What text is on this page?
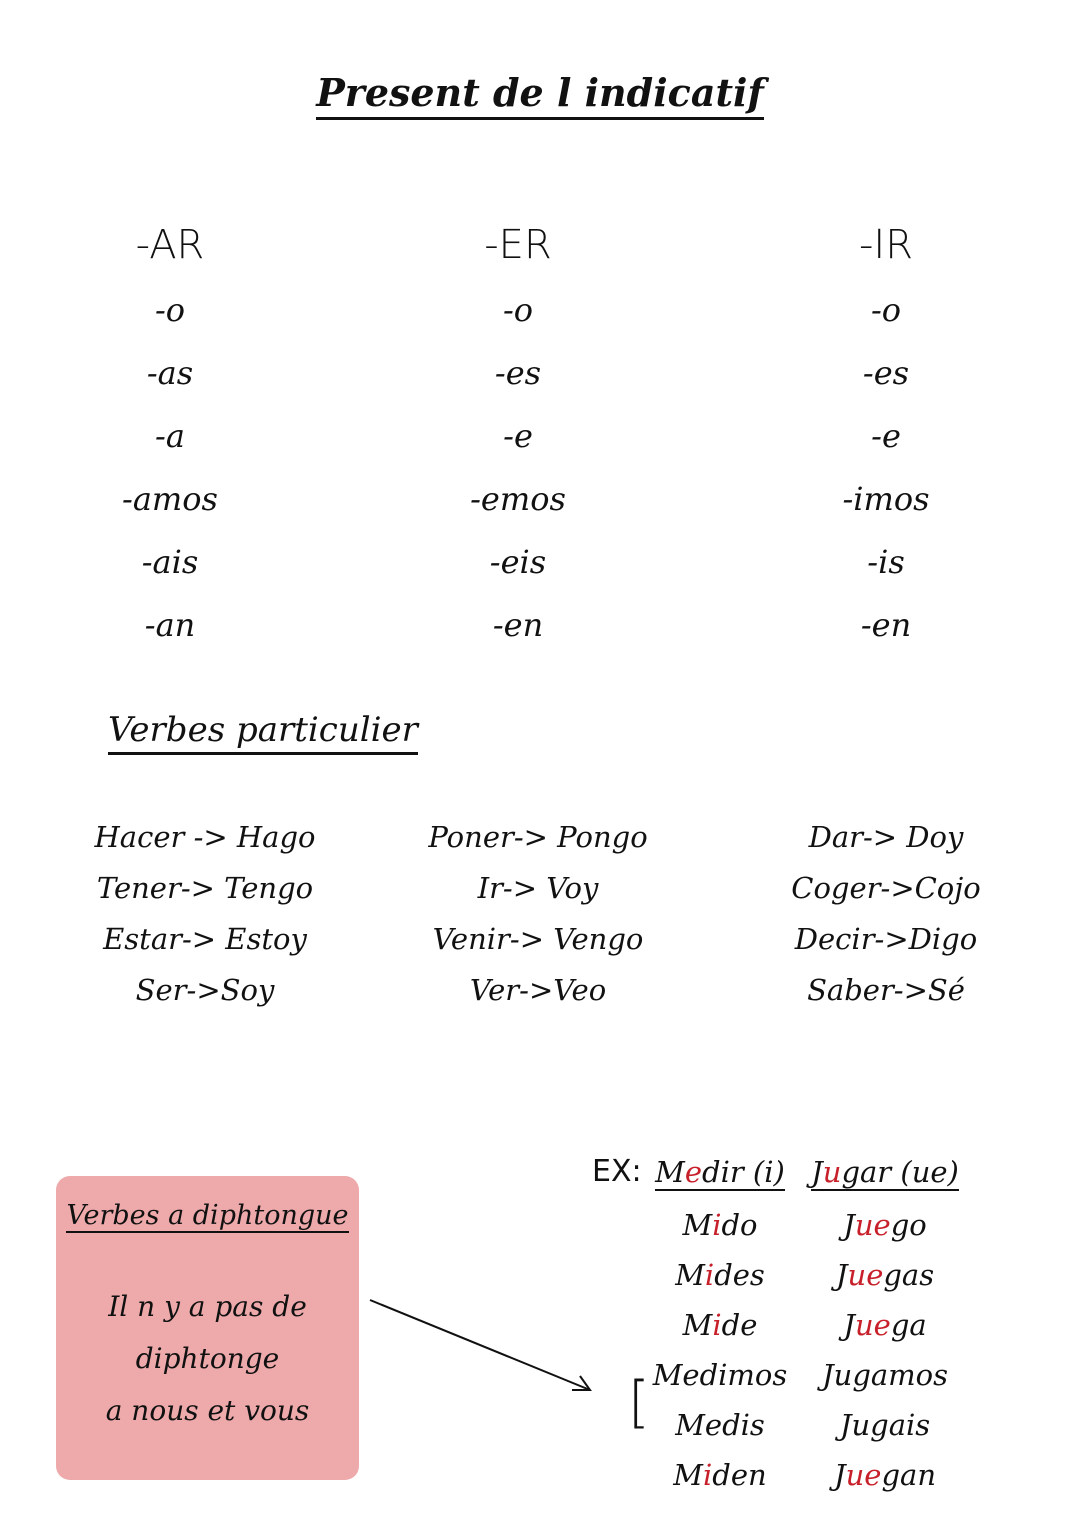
Present de l indicatif
-AR
-o
-as
-a
-amos
-ais
-an
-ER
-o
-es
-e
-emos
-eis
-en
-IR
-o
-es
-e
-imos
-is
-en
Verbes particulier
Hacer -> Hago
Tener-> Tengo
Estar-> Estoy
Ser->Soy
Poner-> Pongo
Ir-> Voy
Venir-> Vengo
Ver->Veo
Dar-> Doy
Coger->Cojo
Decir->Digo
Saber->Sé
Verbes a diphtongue
Il n y a pas de diphtonge
a nous et vous
EX:
[
Medir (i)
Mido
Mides
Mide
Medimos
Medis
Miden
Jugar (ue)
Juego
Juegas
Juega
Jugamos
Jugais
Juegan
